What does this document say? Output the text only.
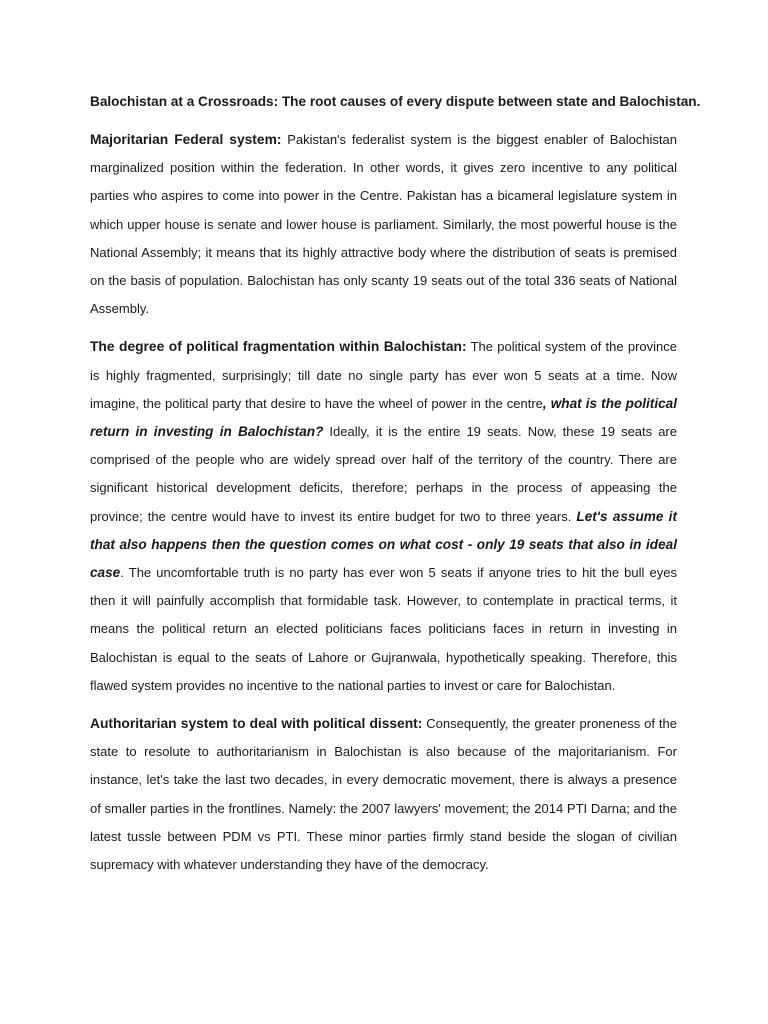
Balochistan at a Crossroads: The root causes of every dispute between state and Balochistan.

Majoritarian Federal system: Pakistan's federalist system is the biggest enabler of Balochistan marginalized position within the federation. In other words, it gives zero incentive to any political parties who aspires to come into power in the Centre. Pakistan has a bicameral legislature system in which upper house is senate and lower house is parliament. Similarly, the most powerful house is the National Assembly; it means that its highly attractive body where the distribution of seats is premised on the basis of population. Balochistan has only scanty 19 seats out of the total 336 seats of National Assembly.

The degree of political fragmentation within Balochistan: The political system of the province is highly fragmented, surprisingly; till date no single party has ever won 5 seats at a time. Now imagine, the political party that desire to have the wheel of power in the centre, what is the political return in investing in Balochistan? Ideally, it is the entire 19 seats. Now, these 19 seats are comprised of the people who are widely spread over half of the territory of the country. There are significant historical development deficits, therefore; perhaps in the process of appeasing the province; the centre would have to invest its entire budget for two to three years. Let's assume it that also happens then the question comes on what cost - only 19 seats that also in ideal case. The uncomfortable truth is no party has ever won 5 seats if anyone tries to hit the bull eyes then it will painfully accomplish that formidable task. However, to contemplate in practical terms, it means the political return an elected politicians faces politicians faces in return in investing in Balochistan is equal to the seats of Lahore or Gujranwala, hypothetically speaking. Therefore, this flawed system provides no incentive to the national parties to invest or care for Balochistan.

Authoritarian system to deal with political dissent: Consequently, the greater proneness of the state to resolute to authoritarianism in Balochistan is also because of the majoritarianism. For instance, let's take the last two decades, in every democratic movement, there is always a presence of smaller parties in the frontlines. Namely: the 2007 lawyers' movement; the 2014 PTI Darna; and the latest tussle between PDM vs PTI. These minor parties firmly stand beside the slogan of civilian supremacy with whatever understanding they have of the democracy.
